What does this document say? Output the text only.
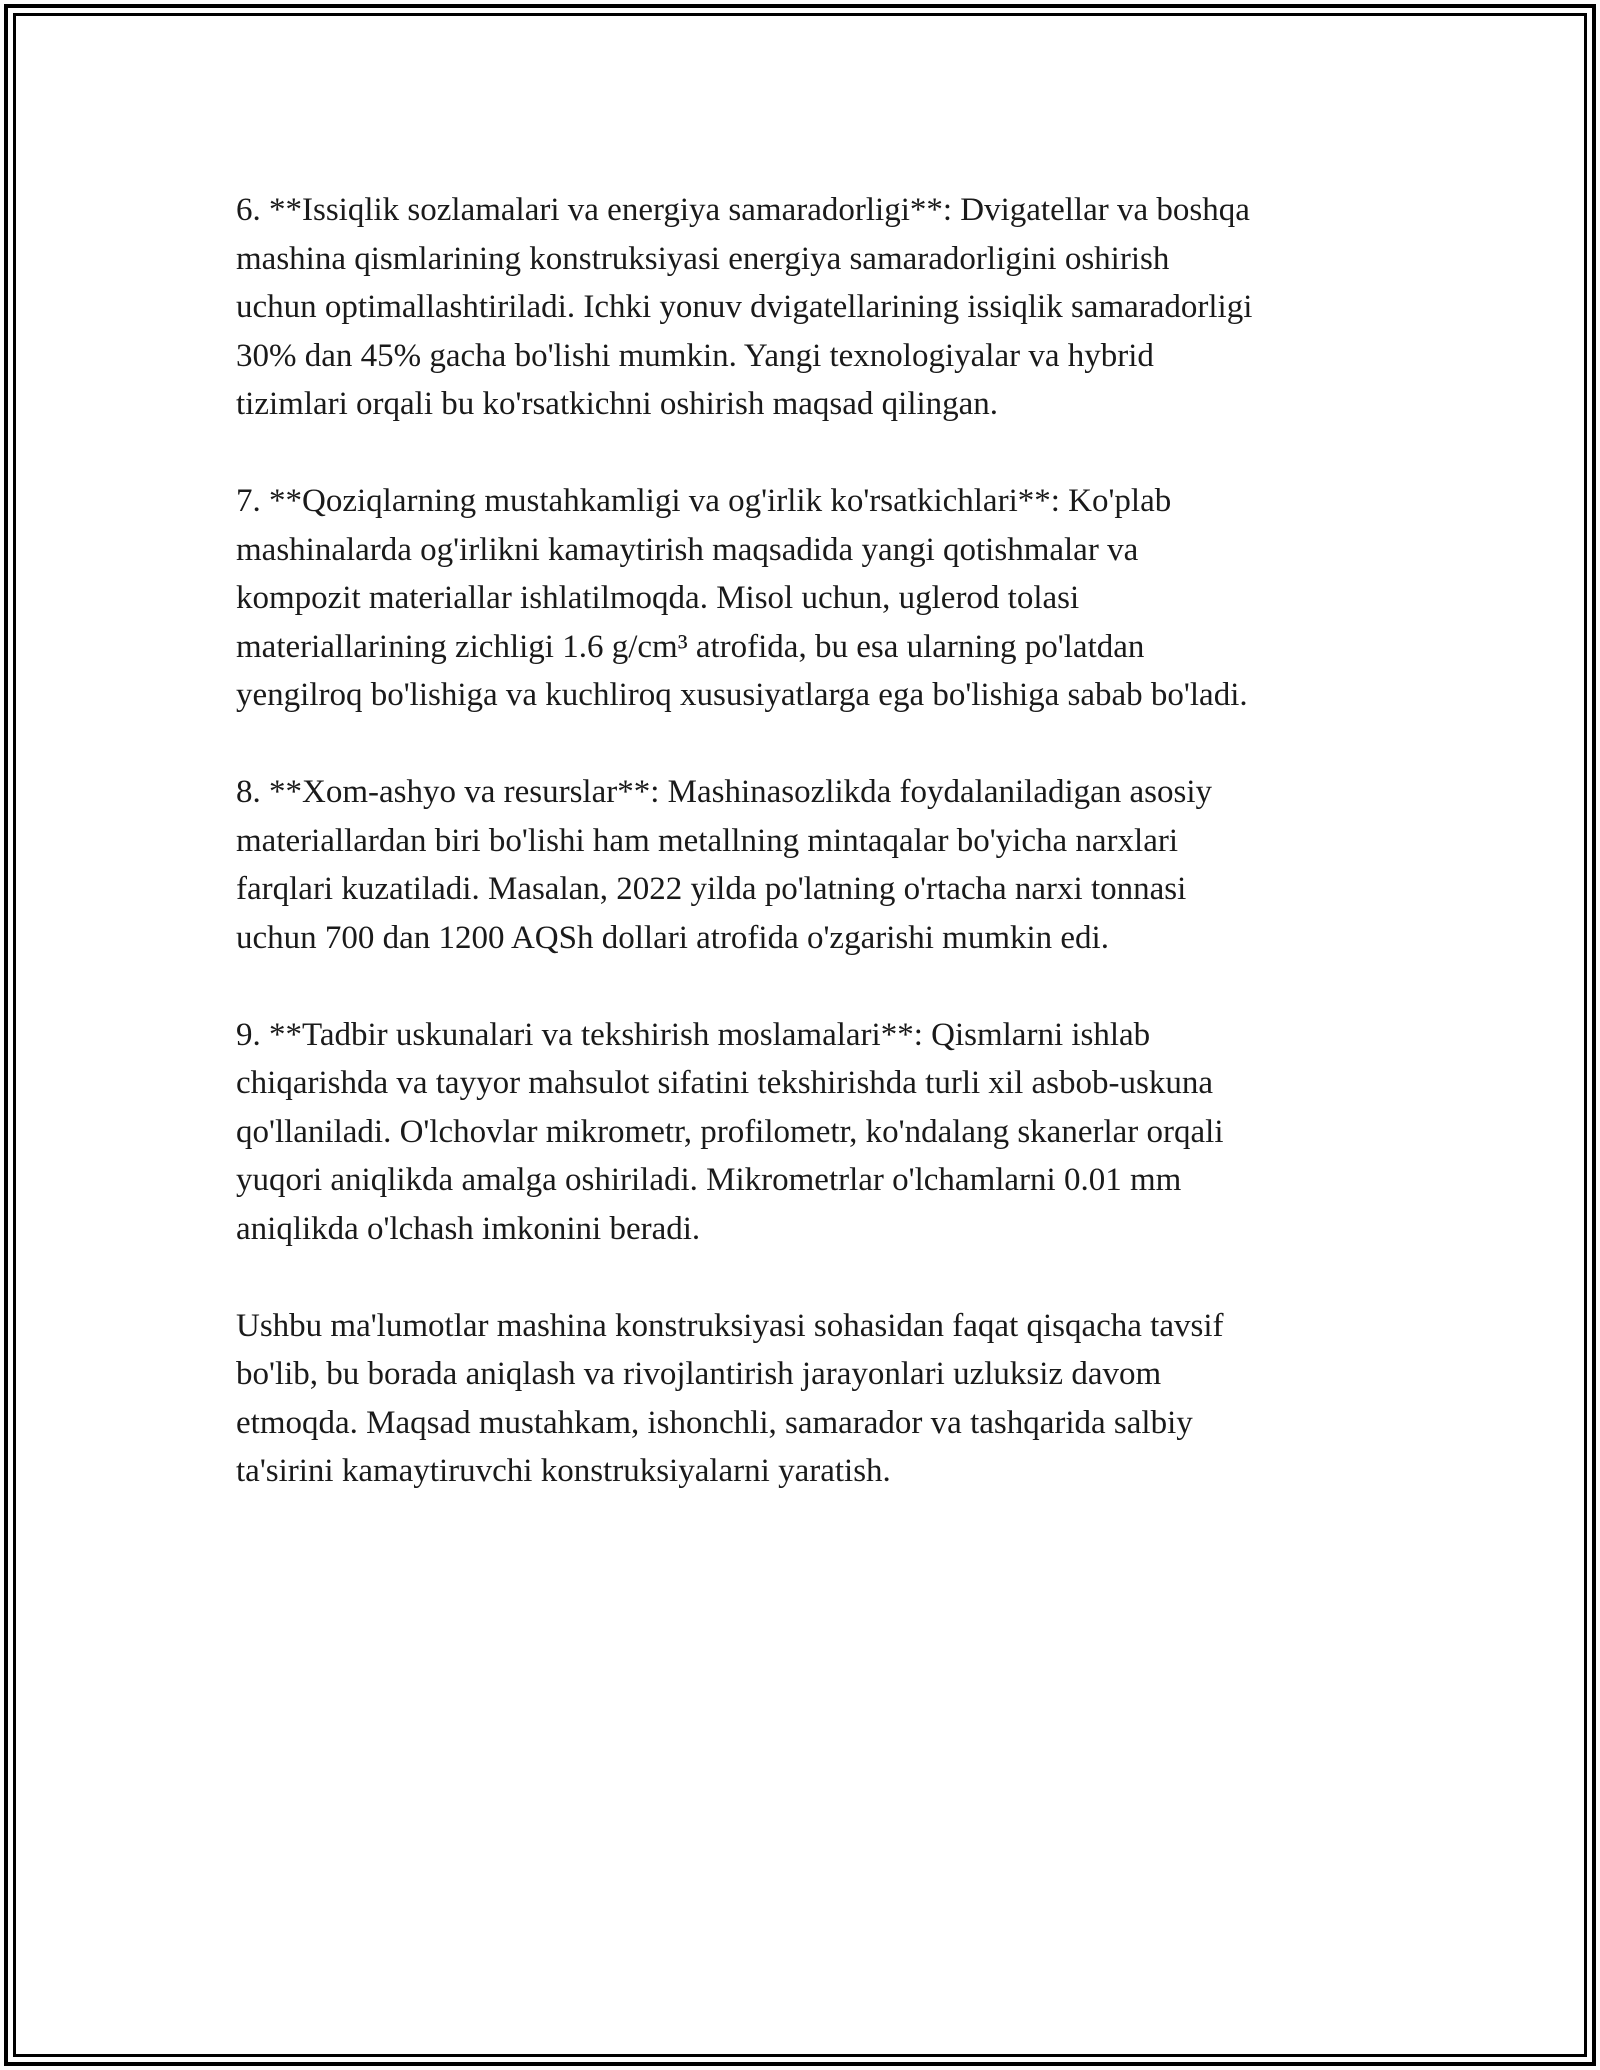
6. **Issiqlik sozlamalari va energiya samaradorligi**: Dvigatellar va boshqa
mashina qismlarining konstruksiyasi energiya samaradorligini oshirish
uchun optimallashtiriladi. Ichki yonuv dvigatellarining issiqlik samaradorligi
30% dan 45% gacha bo'lishi mumkin. Yangi texnologiyalar va hybrid
tizimlari orqali bu ko'rsatkichni oshirish maqsad qilingan.

7. **Qoziqlarning mustahkamligi va og'irlik ko'rsatkichlari**: Ko'plab
mashinalarda og'irlikni kamaytirish maqsadida yangi qotishmalar va
kompozit materiallar ishlatilmoqda. Misol uchun, uglerod tolasi
materiallarining zichligi 1.6 g/cm³ atrofida, bu esa ularning po'latdan
yengilroq bo'lishiga va kuchliroq xususiyatlarga ega bo'lishiga sabab bo'ladi.

8. **Xom-ashyo va resurslar**: Mashinasozlikda foydalaniladigan asosiy
materiallardan biri bo'lishi ham metallning mintaqalar bo'yicha narxlari
farqlari kuzatiladi. Masalan, 2022 yilda po'latning o'rtacha narxi tonnasi
uchun 700 dan 1200 AQSh dollari atrofida o'zgarishi mumkin edi.

9. **Tadbir uskunalari va tekshirish moslamalari**: Qismlarni ishlab
chiqarishda va tayyor mahsulot sifatini tekshirishda turli xil asbob-uskuna
qo'llaniladi. O'lchovlar mikrometr, profilometr, ko'ndalang skanerlar orqali
yuqori aniqlikda amalga oshiriladi. Mikrometrlar o'lchamlarni 0.01 mm
aniqlikda o'lchash imkonini beradi.

Ushbu ma'lumotlar mashina konstruksiyasi sohasidan faqat qisqacha tavsif
bo'lib, bu borada aniqlash va rivojlantirish jarayonlari uzluksiz davom
etmoqda. Maqsad mustahkam, ishonchli, samarador va tashqarida salbiy
ta'sirini kamaytiruvchi konstruksiyalarni yaratish.
